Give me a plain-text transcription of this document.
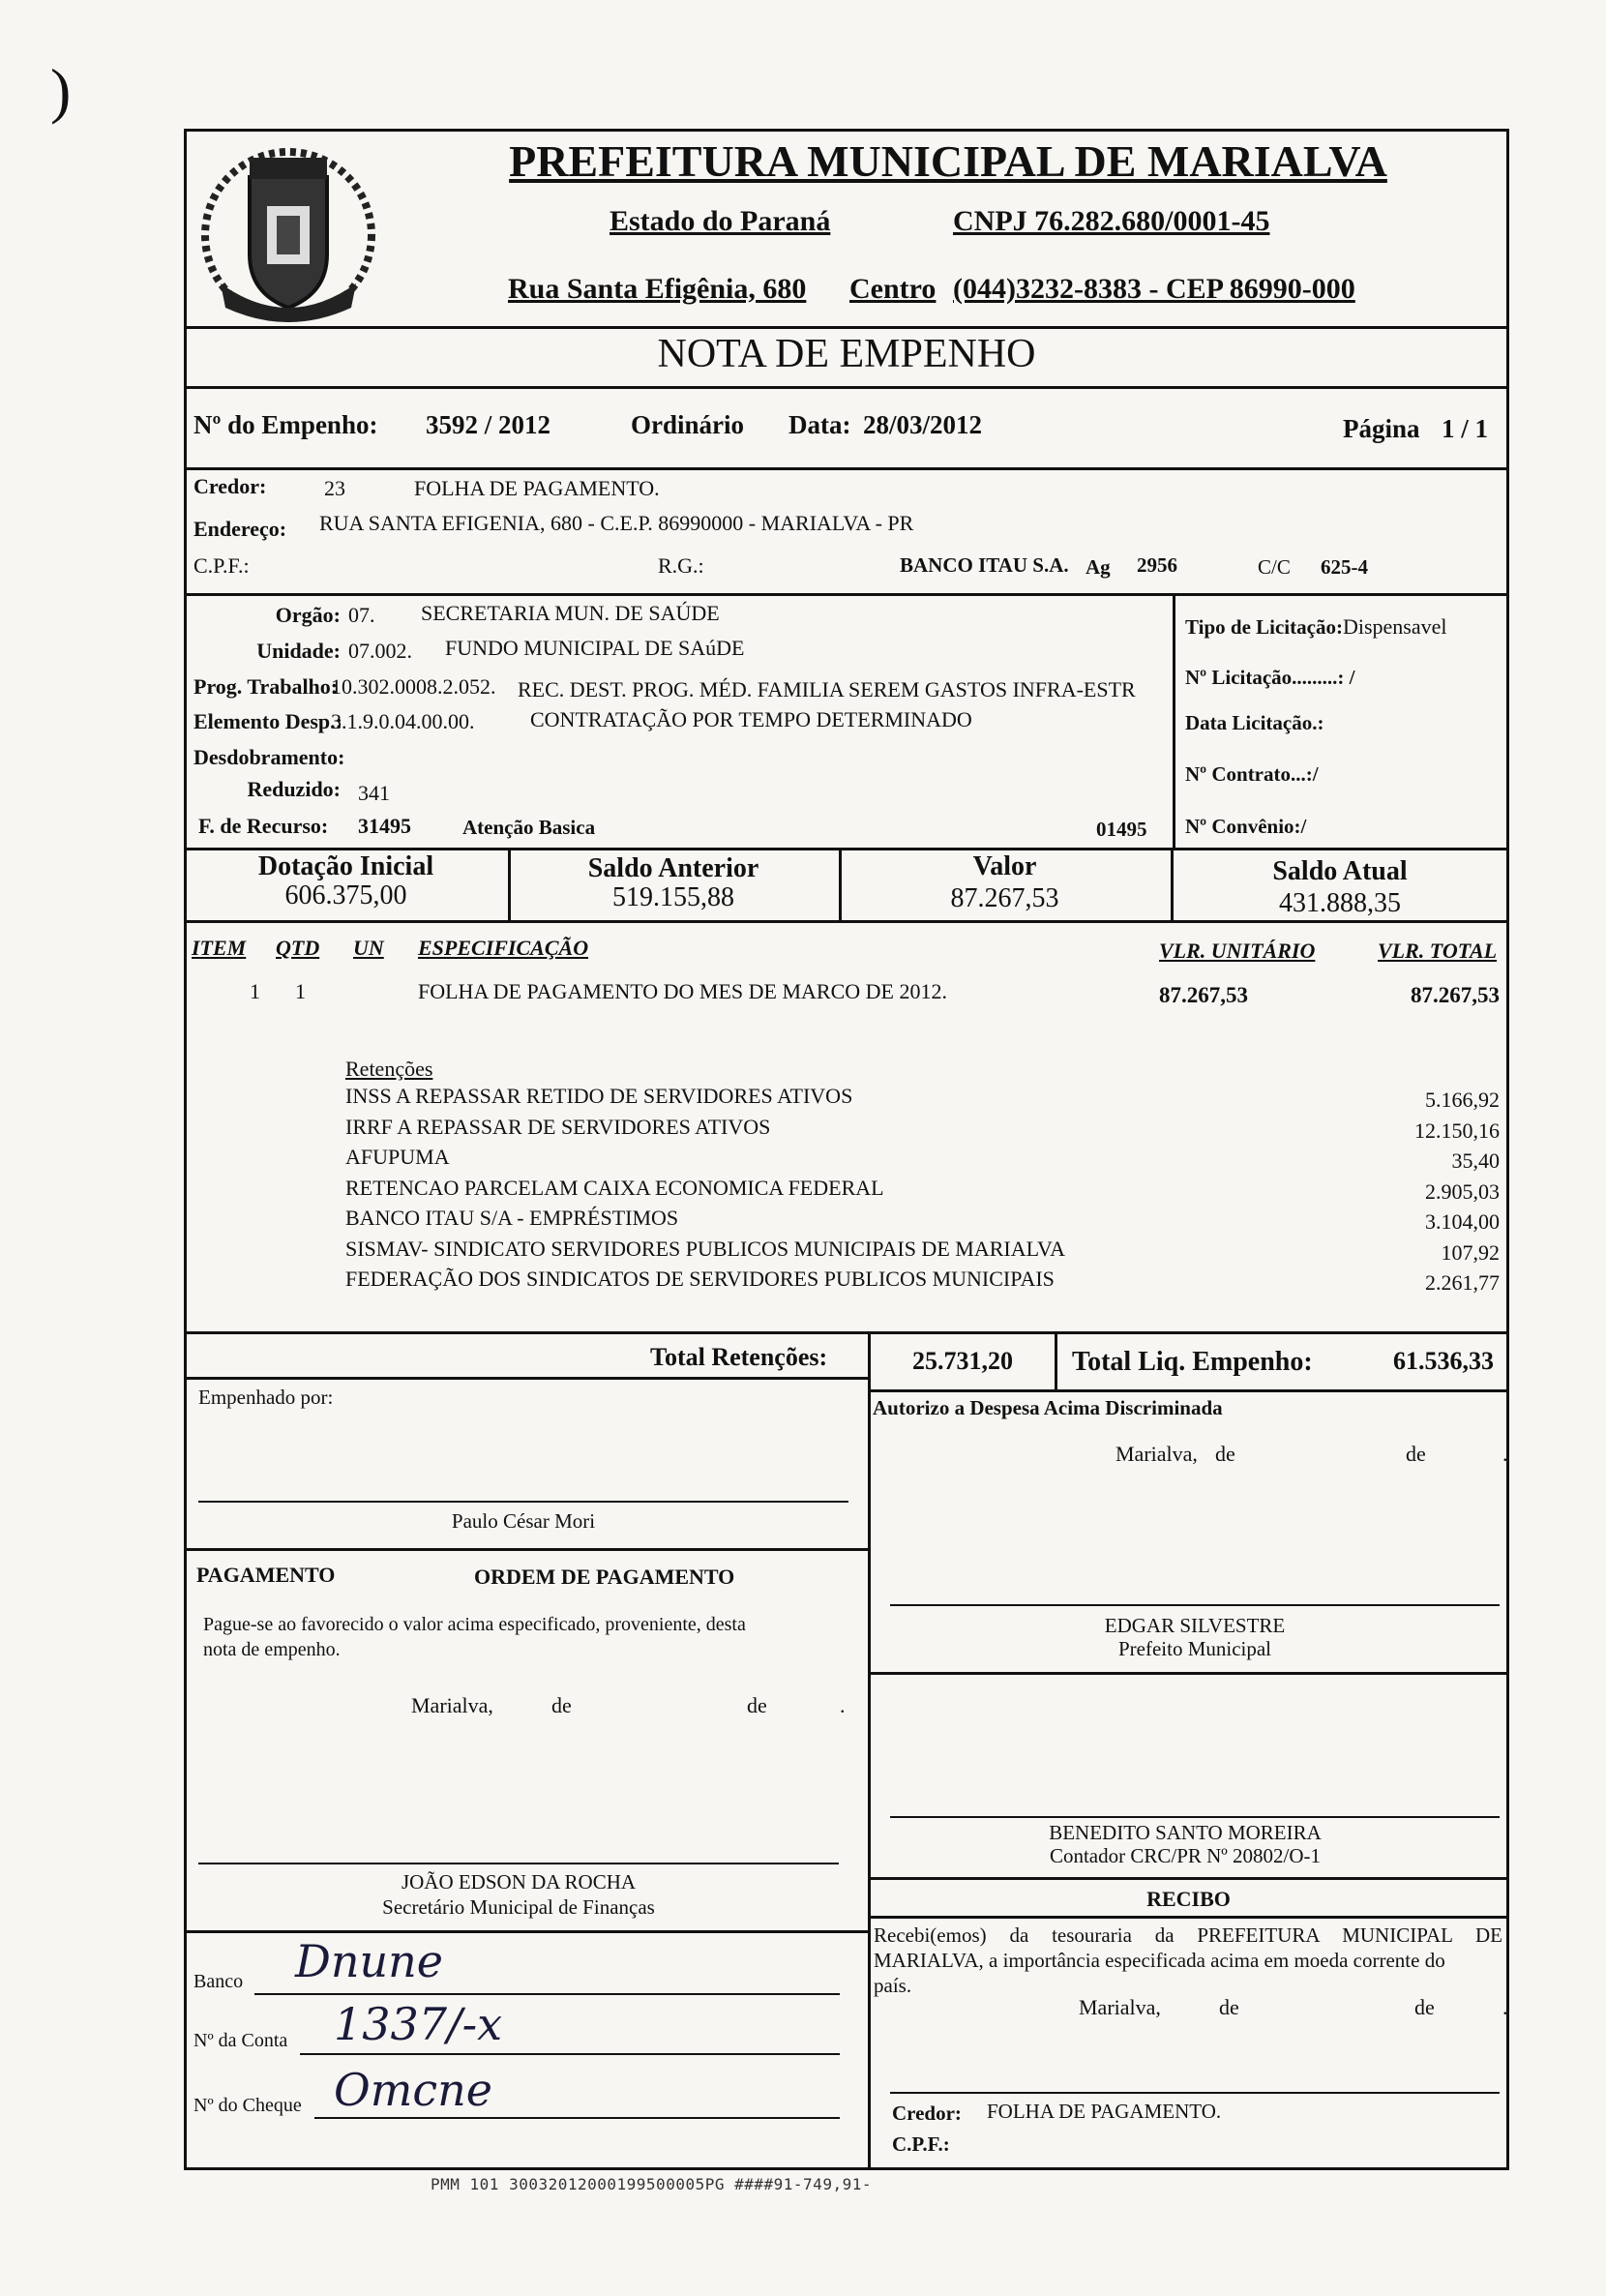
)
PREFEITURA MUNICIPAL DE MARIALVA
Estado do Paraná	CNPJ 76.282.680/0001-45
Rua Santa Efigênia, 680 Centro (044)3232-8383 - CEP 86990-000
NOTA DE EMPENHO
Nº do Empenho: 3592 / 2012	Ordinário Data: 28/03/2012	Página 1 / 1
Credor:	23	FOLHA DE PAGAMENTO.
Endereço: RUA SANTA EFIGENIA, 680 - C.E.P. 86990000 - MARIALVA - PR
C.P.F.:	R.G.:	BANCO ITAU S.A. Ag 2956	C/C 625-4
Orgão: 07. SECRETARIA MUN. DE SAÚDE
Unidade: 07.002. FUNDO MUNICIPAL DE SAúDE
Prog. Trabalho:
10.302.0008.2.052. REC. DEST. PROG. MÉD. FAMILIA SEREM GASTOS INFRA-ESTR
Elemento Desp.:
3.1.9.0.04.00.00.	CONTRATAÇÃO POR TEMPO DETERMINADO
Desdobramento:
Reduzido: 341
F. de Recurso: 31495	Atenção Basica	01495
Tipo de Licitação:Dispensavel
Nº Licitação.........: /
Data Licitação.:
Nº Contrato...:/
Nº Convênio:/
Dotação Inicial
606.375,00
Saldo Anterior
519.155,88
Valor
87.267,53
Saldo Atual
431.888,35
ITEM QTD UN ESPECIFICAÇÃO	VLR. UNITÁRIO	VLR. TOTAL
1 1	FOLHA DE PAGAMENTO DO MES DE MARCO DE 2012.	87.267,53	87.267,53
Retenções
INSS A REPASSAR RETIDO DE SERVIDORES ATIVOS	5.166,92
IRRF A REPASSAR DE SERVIDORES ATIVOS	12.150,16
AFUPUMA	35,40
RETENCAO PARCELAM CAIXA ECONOMICA FEDERAL	2.905,03
BANCO ITAU S/A - EMPRÉSTIMOS	3.104,00
SISMAV- SINDICATO SERVIDORES PUBLICOS MUNICIPAIS DE MARIALVA	107,92
FEDERAÇÃO DOS SINDICATOS DE SERVIDORES PUBLICOS MUNICIPAIS	2.261,77
Total Retenções:	25.731,20 Total Liq. Empenho:	61.536,33
Empenhado por:
Paulo César Mori
Autorizo a Despesa Acima Discriminada
Marialva, de	de	.
PAGAMENTO	ORDEM DE PAGAMENTO
Pague-se ao favorecido o valor acima especificado, proveniente, desta
nota de empenho.
Marialva,	de	de	.
JOÃO EDSON DA ROCHA
Secretário Municipal de Finanças
Banco Dnune
Nº da Conta 1337/-x
Nº do Cheque Omcne
EDGAR SILVESTRE
Prefeito Municipal
BENEDITO SANTO MOREIRA
Contador CRC/PR Nº 20802/O-1
RECIBO
Recebi(emos) da tesouraria da PREFEITURA MUNICIPAL DE
MARIALVA, a importância especificada acima em moeda corrente do
país.
Marialva,	de	de	.
Credor: FOLHA DE PAGAMENTO.
C.P.F.:
PMM 101 30032012000199500005PG ####91-749,91-
